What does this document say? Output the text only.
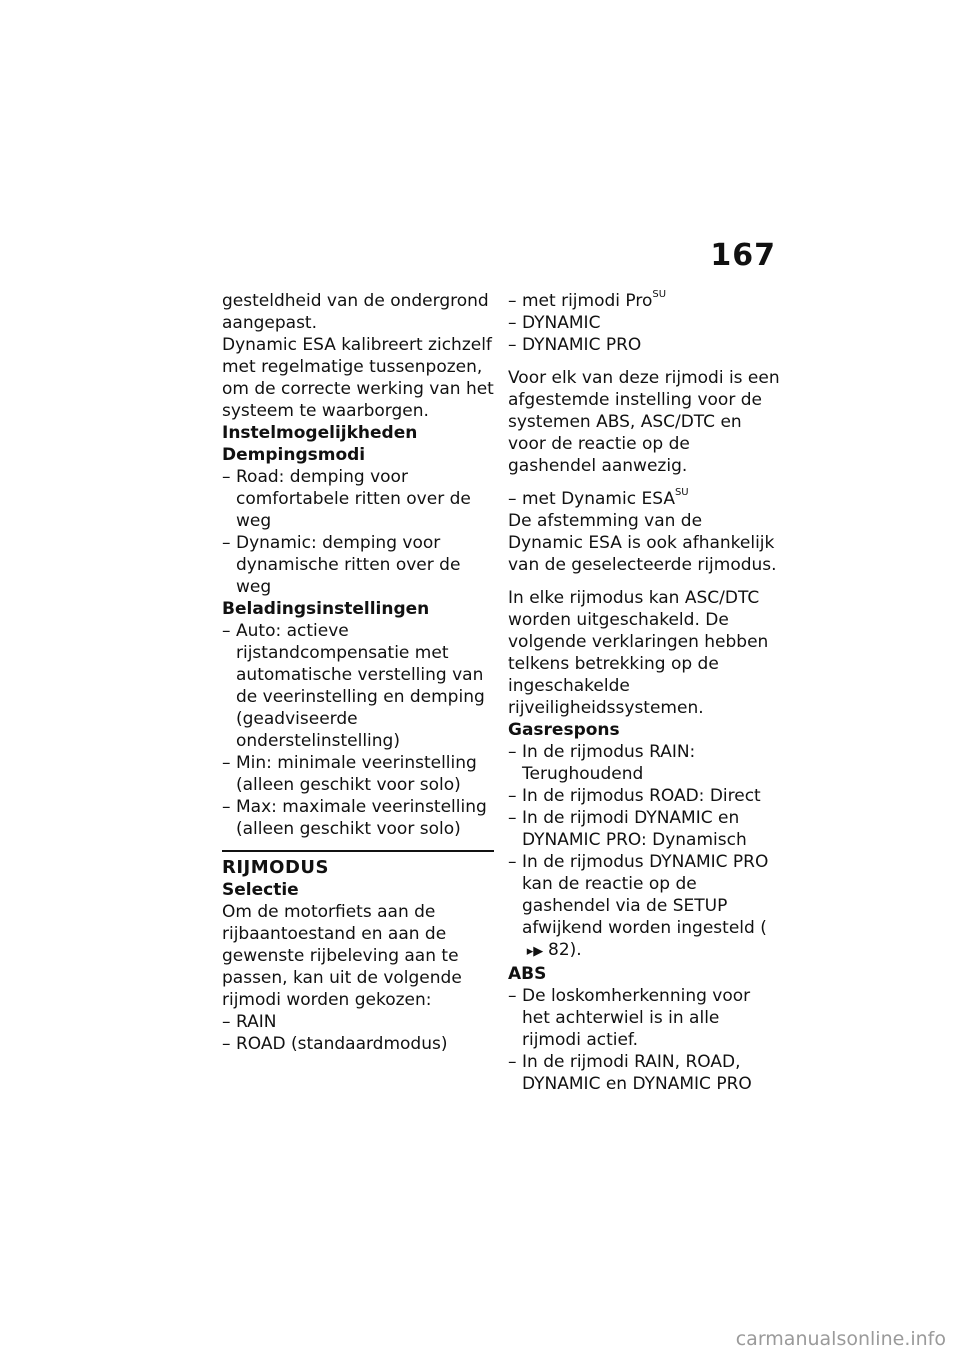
167

gesteldheid van de ondergrond aangepast.

Dynamic ESA kalibreert zichzelf met regelmatige tussenpozen, om de correcte werking van het systeem te waarborgen.

Instelmogelijkheden

Dempingsmodi

– Road: demping voor comfortabele ritten over de weg
– Dynamic: demping voor dynamische ritten over de weg

Beladingsinstellingen

– Auto: actieve rijstandcompensatie met automatische verstelling van de veerinstelling en demping (geadviseerde onderstelinstelling)
– Min: minimale veerinstelling (alleen geschikt voor solo)
– Max: maximale veerinstelling (alleen geschikt voor solo)

RIJMODUS

Selectie

Om de motorfiets aan de rijbaantoestand en aan de gewenste rijbeleving aan te passen, kan uit de volgende rijmodi worden gekozen:

– RAIN
– ROAD (standaardmodus)
– met rijmodi Pro$^{SU}$
– DYNAMIC
– DYNAMIC PRO

Voor elk van deze rijmodi is een afgestemde instelling voor de systemen ABS, ASC/DTC en voor de reactie op de gashendel aanwezig.

– met Dynamic $ESA^{SU}$

De afstemming van de Dynamic ESA is ook afhankelijk van de geselecteerde rijmodus.

In elke rijmodus kan ASC/DTC worden uitgeschakeld. De volgende verklaringen hebben telkens betrekking op de ingeschakelde rijveiligheidssystemen.

Gasrespons

– In de rijmodus RAIN: Terughoudend
– In de rijmodus ROAD: Direct
– In de rijmodi DYNAMIC en DYNAMIC PRO: Dynamisch
– In de rijmodus DYNAMIC PRO kan de reactie op de gashendel via de SETUP afwijkend worden ingesteld (▸▶ 82).

ABS

– De loskomherkenning voor het achterwiel is in alle rijmodi actief.
– In de rijmodi RAIN, ROAD, DYNAMIC en DYNAMIC PRO
carmanualsonline.info
